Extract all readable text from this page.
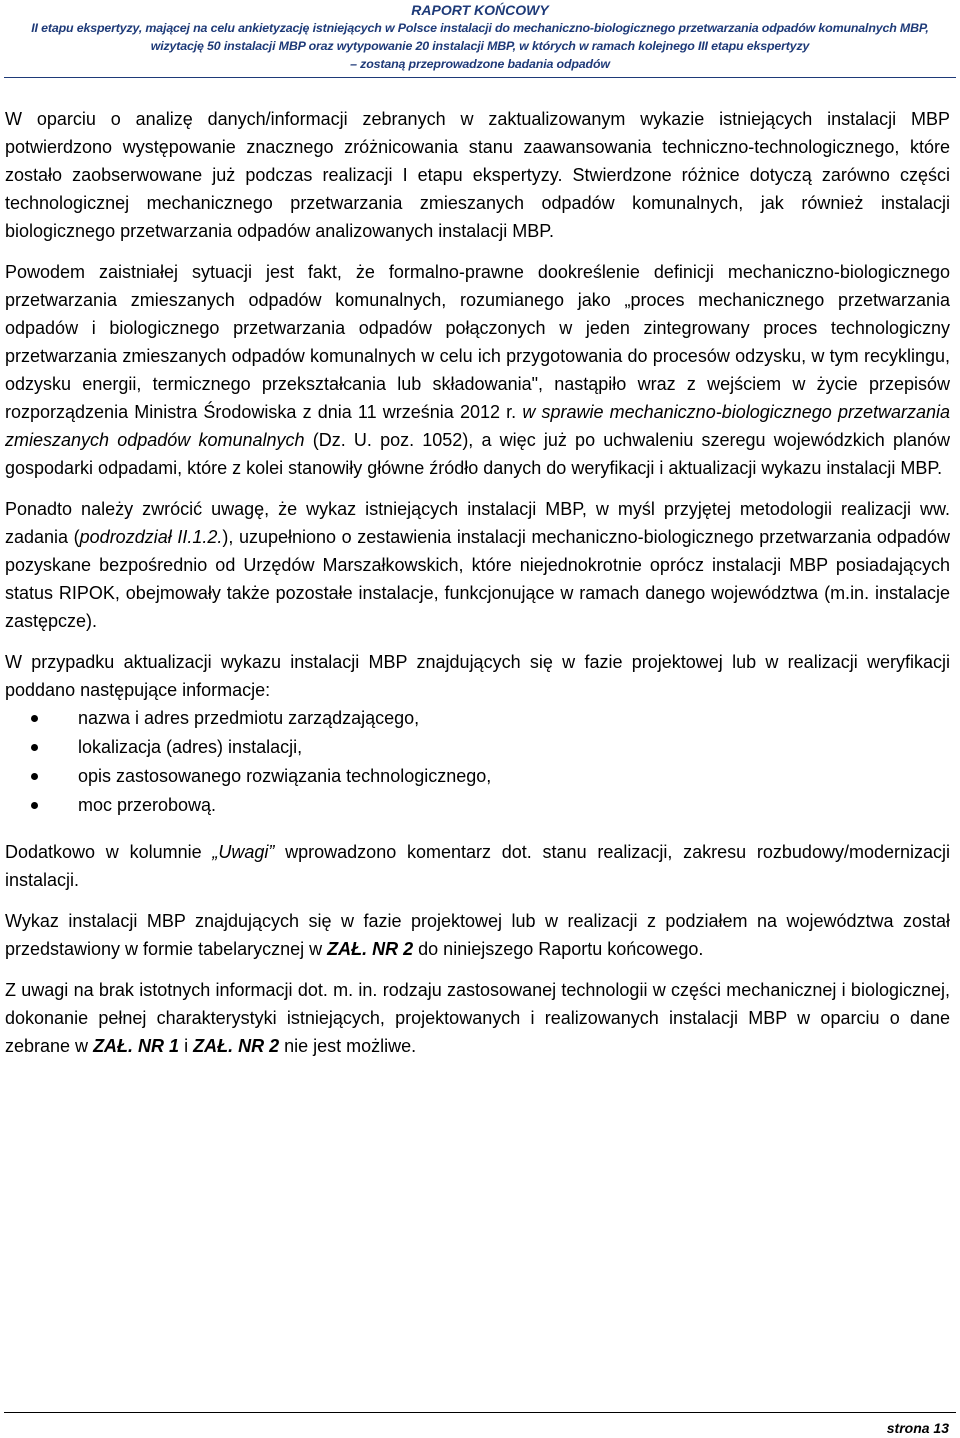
RAPORT KOŃCOWY
II etapu ekspertyzy, mającej na celu ankietyzację istniejących w Polsce instalacji do mechaniczno-biologicznego przetwarzania odpadów komunalnych MBP,
wizytację 50 instalacji MBP oraz wytypowanie 20 instalacji MBP, w których w ramach kolejnego III etapu ekspertyzy
– zostaną przeprowadzone badania odpadów

W oparciu o analizę danych/informacji zebranych w zaktualizowanym wykazie istniejących instalacji MBP potwierdzono występowanie znacznego zróżnicowania stanu zaawansowania techniczno-technologicznego, które zostało zaobserwowane już podczas realizacji I etapu ekspertyzy. Stwierdzone różnice dotyczą zarówno części technologicznej mechanicznego przetwarzania zmieszanych odpadów komunalnych, jak również instalacji biologicznego przetwarzania odpadów analizowanych instalacji MBP.

Powodem zaistniałej sytuacji jest fakt, że formalno-prawne dookreślenie definicji mechaniczno-biologicznego przetwarzania zmieszanych odpadów komunalnych, rozumianego jako „proces mechanicznego przetwarzania odpadów i biologicznego przetwarzania odpadów połączonych w jeden zintegrowany proces technologiczny przetwarzania zmieszanych odpadów komunalnych w celu ich przygotowania do procesów odzysku, w tym recyklingu, odzysku energii, termicznego przekształcania lub składowania", nastąpiło wraz z wejściem w życie przepisów rozporządzenia Ministra Środowiska z dnia 11 września 2012 r. w sprawie mechaniczno-biologicznego przetwarzania zmieszanych odpadów komunalnych (Dz. U. poz. 1052), a więc już po uchwaleniu szeregu wojewódzkich planów gospodarki odpadami, które z kolei stanowiły główne źródło danych do weryfikacji i aktualizacji wykazu instalacji MBP.

Ponadto należy zwrócić uwagę, że wykaz istniejących instalacji MBP, w myśl przyjętej metodologii realizacji ww. zadania (podrozdział II.1.2.), uzupełniono o zestawienia instalacji mechaniczno-biologicznego przetwarzania odpadów pozyskane bezpośrednio od Urzędów Marszałkowskich, które niejednokrotnie oprócz instalacji MBP posiadających status RIPOK, obejmowały także pozostałe instalacje, funkcjonujące w ramach danego województwa (m.in. instalacje zastępcze).

W przypadku aktualizacji wykazu instalacji MBP znajdujących się w fazie projektowej lub w realizacji weryfikacji poddano następujące informacje:

nazwa i adres przedmiotu zarządzającego,
lokalizacja (adres) instalacji,
opis zastosowanego rozwiązania technologicznego,
moc przerobową.

Dodatkowo w kolumnie „Uwagi” wprowadzono komentarz dot. stanu realizacji, zakresu rozbudowy/modernizacji instalacji.

Wykaz instalacji MBP znajdujących się w fazie projektowej lub w realizacji z podziałem na województwa został przedstawiony w formie tabelarycznej w ZAŁ. NR 2 do niniejszego Raportu końcowego.

Z uwagi na brak istotnych informacji dot. m. in. rodzaju zastosowanej technologii w części mechanicznej i biologicznej, dokonanie pełnej charakterystyki istniejących, projektowanych i realizowanych instalacji MBP w oparciu o dane zebrane w ZAŁ. NR 1 i ZAŁ. NR 2 nie jest możliwe.

strona 13
